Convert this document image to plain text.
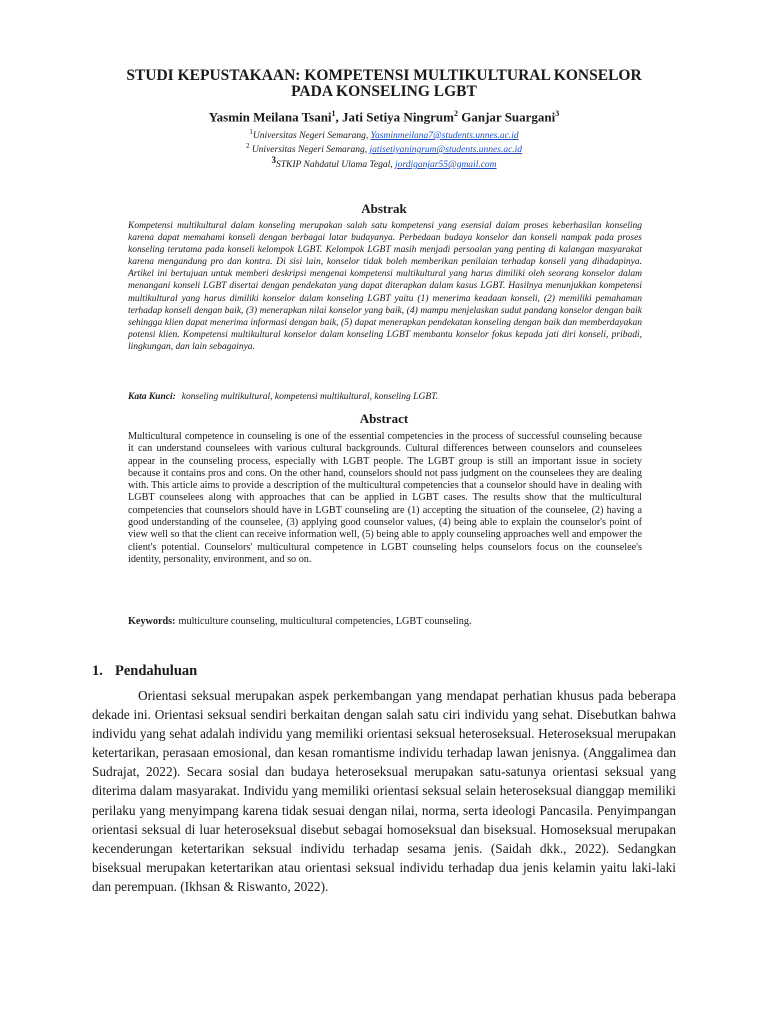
STUDI KEPUSTAKAAN: KOMPETENSI MULTIKULTURAL KONSELOR
PADA KONSELING LGBT
Yasmin Meilana Tsani$^1$, Jati Setiya Ningrum$^2$ Ganjar Suargani$^3$
$^1$Universitas Negeri Semarang, Yasminmeilana7@students.unnes.ac.id
$^2$ Universitas Negeri Semarang, jatisetiyaningrum@students.unnes.ac.id
$^3$STKIP Nahdatul Ulama Tegal, jordiganjar55@gmail.com
Abstrak
Kompetensi multikultural dalam konseling merupakan salah satu kompetensi yang esensial dalam proses keberhasilan konseling karena dapat memahami konseli dengan berbagai latar budayanya. Perbedaan budaya konselor dan konseli nampak pada proses konseling terutama pada konseli kelompok LGBT. Kelompok LGBT masih menjadi persoalan yang penting di kalangan masyarakat karena mengandung pro dan kontra. Di sisi lain, konselor tidak boleh memberikan penilaian terhadap konseli yang dihadapinya. Artikel ini bertujuan untuk memberi deskripsi mengenai kompetensi multikultural yang harus dimiliki oleh seorang konselor dalam menangani konseli LGBT disertai dengan pendekatan yang dapat diterapkan dalam kasus LGBT. Hasilnya menunjukkan kompetensi multikultural yang harus dimiliki konselor dalam konseling LGBT yaitu (1) menerima keadaan konseli, (2) memiliki pemahaman terhadap konseli dengan baik, (3) menerapkan nilai konselor yang baik, (4) mampu menjelaskan sudut pandang konselor dengan baik sehingga klien dapat menerima informasi dengan baik, (5) dapat menerapkan pendekatan konseling dengan baik dan memberdayakan potensi klien. Kompetensi multikultural konselor dalam konseling LGBT membantu konselor fokus kepada jati diri konseli, pribadi, lingkungan, dan lain sebagainya.
Kata Kunci: konseling multikultural, kompetensi multikultural, konseling LGBT.
Abstract
Multicultural competence in counseling is one of the essential competencies in the process of successful counseling because it can understand counselees with various cultural backgrounds. Cultural differences between counselors and counselees appear in the counseling process, especially with LGBT people. The LGBT group is still an important issue in society because it contains pros and cons. On the other hand, counselors should not pass judgment on the counselees they are dealing with. This article aims to provide a description of the multicultural competencies that a counselor should have in dealing with LGBT counselees along with approaches that can be applied in LGBT cases. The results show that the multicultural competencies that counselors should have in LGBT counseling are (1) accepting the situation of the counselee, (2) having a good understanding of the counselee, (3) applying good counselor values, (4) being able to explain the counselor's point of view well so that the client can receive information well, (5) being able to apply counseling approaches well and empower the client's potential. Counselors' multicultural competence in LGBT counseling helps counselors focus on the counselee's identity, personality, environment, and so on.
Keywords: multiculture counseling, multicultural competencies, LGBT counseling.
1. Pendahuluan
Orientasi seksual merupakan aspek perkembangan yang mendapat perhatian khusus pada beberapa dekade ini. Orientasi seksual sendiri berkaitan dengan salah satu ciri individu yang sehat. Disebutkan bahwa individu yang sehat adalah individu yang memiliki orientasi seksual heteroseksual. Heteroseksual merupakan ketertarikan, perasaan emosional, dan kesan romantisme individu terhadap lawan jenisnya. (Anggalimea dan Sudrajat, 2022). Secara sosial dan budaya heteroseksual merupakan satu-satunya orientasi seksual yang diterima dalam masyarakat. Individu yang memiliki orientasi seksual selain heteroseksual dianggap memiliki perilaku yang menyimpang karena tidak sesuai dengan nilai, norma, serta ideologi Pancasila. Penyimpangan orientasi seksual di luar heteroseksual disebut sebagai homoseksual dan biseksual. Homoseksual merupakan kecenderungan ketertarikan seksual individu terhadap sesama jenis. (Saidah dkk., 2022). Sedangkan biseksual merupakan ketertarikan atau orientasi seksual individu terhadap dua jenis kelamin yaitu laki-laki dan perempuan. (Ikhsan & Riswanto, 2022).
